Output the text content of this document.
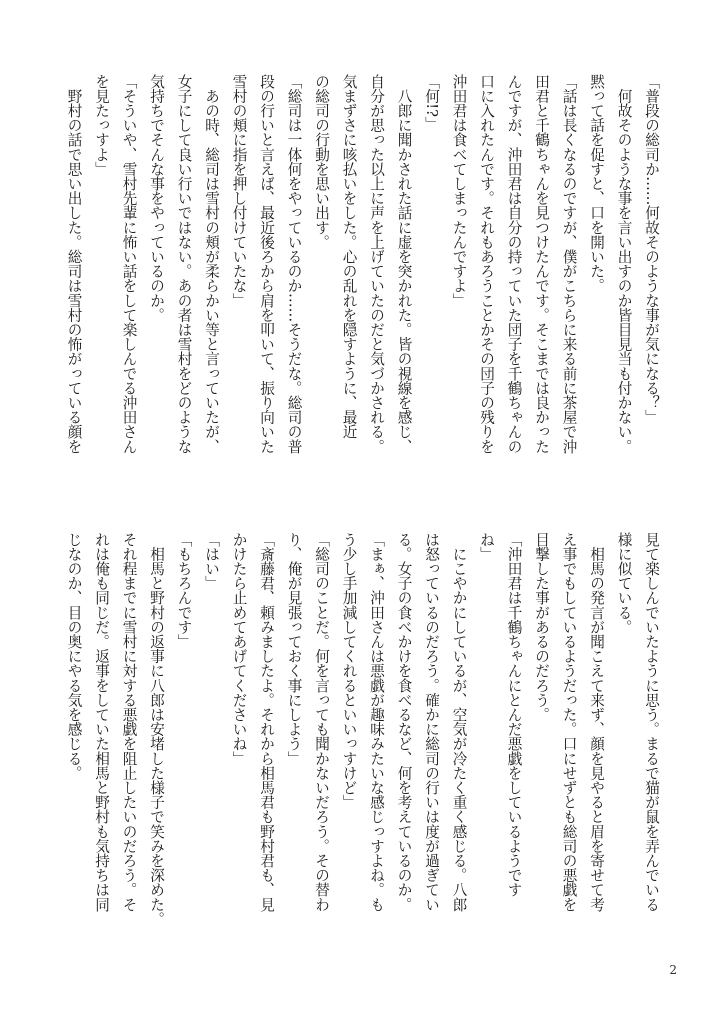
「普段の総司か……何故そのような事が気になる？」
　何故そのような事を言い出すのか皆目見当も付かない。
黙って話を促すと、口を開いた。
「話は長くなるのですが、僕がこちらに来る前に茶屋で沖
田君と千鶴ちゃんを見つけたんです。そこまでは良かった
んですが、沖田君は自分の持っていた団子を千鶴ちゃんの
口に入れたんです。それもあろうことかその団子の残りを
沖田君は食べてしまったんですよ」
「何!?」
　八郎に聞かされた話に虚を突かれた。皆の視線を感じ、
自分が思った以上に声を上げていたのだと気づかされる。
気まずさに咳払いをした。心の乱れを隠すように、最近
の総司の行動を思い出す。
「総司は一体何をやっているのか……そうだな。総司の普
段の行いと言えば、最近後ろから肩を叩いて、振り向いた
雪村の頬に指を押し付けていたな」
　あの時、総司は雪村の頬が柔らかい等と言っていたが、
女子にして良い行いではない。あの者は雪村をどのような
気持ちでそんな事をやっているのか。
「そういや、雪村先輩に怖い話をして楽しんでる沖田さん
を見たっすよ」
　野村の話で思い出した。総司は雪村の怖がっている顔を
見て楽しんでいたように思う。まるで猫が鼠を弄んでいる
様に似ている。
　相馬の発言が聞こえて来ず、顔を見やると眉を寄せて考
え事でもしているようだった。口にせずとも総司の悪戯を
目撃した事があるのだろう。
「沖田君は千鶴ちゃんにとんだ悪戯をしているようです
ね」
　にこやかにしているが、空気が冷たく重く感じる。八郎
は怒っているのだろう。確かに総司の行いは度が過ぎてい
る。女子の食べかけを食べるなど、何を考えているのか。
「まぁ、沖田さんは悪戯が趣味みたいな感じっすよね。も
う少し手加減してくれるといいっすけど」
「総司のことだ。何を言っても聞かないだろう。その替わ
り、俺が見張っておく事にしよう」
「斎藤君、頼みましたよ。それから相馬君も野村君も、見
かけたら止めてあげてくださいね」
「はい」
「もちろんです」
　相馬と野村の返事に八郎は安堵した様子で笑みを深めた。
それ程までに雪村に対する悪戯を阻止したいのだろう。そ
れは俺も同じだ。返事をしていた相馬と野村も気持ちは同
じなのか、目の奥にやる気を感じる。
2
